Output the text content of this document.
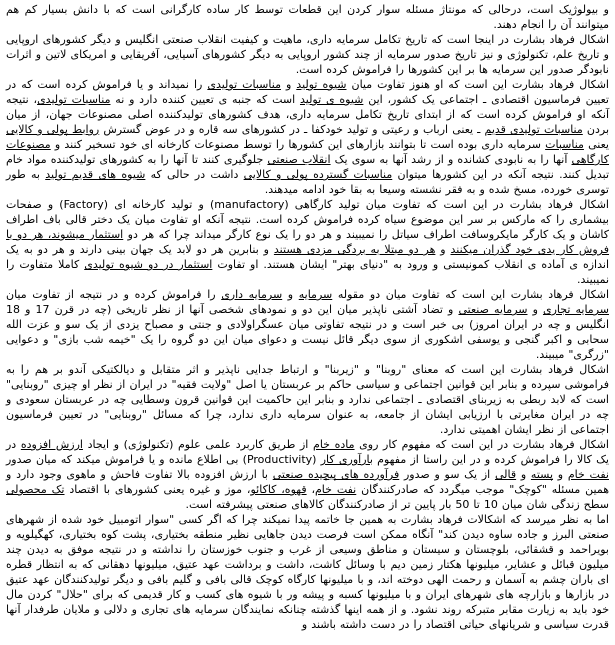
و بیولوژیک است، درحالی که مونتاژ مسئله سوار کردن این قطعات توسط کار ساده کارگرانی است که با دانش بسیار کم هم میتوانند آن را انجام دهند.

اشکال فرهاد بشارت در اینجا است که تاریخ تکامل سرمایه داری، ماهیت و کیفیت انقلاب صنعتی انگلیس و دیگر کشورهای اروپایی و تاریخ علم، تکنولوژی و نیز تاریخ صدور سرمایه از چند کشور اروپایی به دیگر کشورهای آسیایی، آفریقایی و امریکای لاتین و اثرات نابودگر صدور این سرمایه ها بر این کشورها را فراموش کرده است.

اشکال فرهاد بشارت این است که او هنوز تفاوت میان شیوه تولید و مناسبات تولیدی را نمیداند و یا فراموش کرده است که در تعیین فرماسیون اقتصادی ـ اجتماعی یک کشور، این شیوه ی تولید است که جنبه ی تعیین کننده دارد و نه مناسبات تولیدی، نتیجه آنکه او فراموش کرده است که از ابتدای تاریخ تکامل سرمایه داری، هدف کشورهای تولیدکننده اصلی مصنوعات جهان، از میان بردن مناسبات تولیدی قدیم ـ یعنی ارباب و رعیتی و تولید خودکفا ـ در کشورهای سه قاره و در عوض گسترش روابط پولی و کالایی یعنی مناسبات سرمایه داری بوده است تا بتوانند بازارهای این کشورها را توسط مصنوعات کارخانه ای خود تسخیر کنند و مصنوعات کارگاهی آنها را به نابودی کشانده و از رشد آنها به سوی یک انقلاب صنعتی جلوگیری کنند تا آنها را به کشورهای تولیدکننده مواد خام تبدیل کنند. نتیجه آنکه در این کشورها میتوان مناسبات گسترده پولی و کالایی داشت در حالی که شیوه های قدیم تولید به طور توسری خورده، مسخ شده و به فقر نشسته وسیعا به بقا خود ادامه میدهند.

اشکال فرهاد بشارت در این است که تفاوت میان تولید کارگاهی (manufactory) و تولید کارخانه ای (Factory) و صفحات بیشماری را که مارکس بر سر این موضوع سیاه کرده فراموش کرده است. نتیجه آنکه او تفاوت میان یک دختر قالی باف اطراف کاشان و یک کارگر مایکروسافت اطراف سیاتل را نمیبیند و هر دو را یک نوع کارگر میداند چرا که هر دو استثمار میشوند، هر دو با فروش کار یدی خود گذران میکنند و هر دو مبتلا به بردگی مزدی هستند و بنابرین هر دو لابد یک جهان بینی دارند و هر دو به یک اندازه ی آماده ی انقلاب کمونیستی و ورود به "دنیای بهتر" ایشان هستند. او تفاوت استثمار در دو شیوه تولیدی کاملا متفاوت را نمیبیند.

اشکال فرهاد بشارت این است که تفاوت میان دو مقوله سرمایه و سرمایه داری را فراموش کرده و در نتیجه از تفاوت میان سرمایه تجاری و سرمایه صنعتی و تضاد آشتی ناپذیر میان این دو و نمودهای شخصی آنها از نظر تاریخی (چه در قرن 17 و 18 انگلیس و چه در ایران امروز) بی خبر است و در نتیجه تفاوتی میان عسگراولادی و جنتی و مصباح یزدی از یک سو و عزت الله سحابی و اکبر گنجی و یوسفی اشکوری از سوی دیگر قائل نیست و دعوای میان این دو گروه را یک "خیمه شب بازی" و دعوایی "زرگری" میبیند.

اشکال فرهاد بشارت این است که معنای "روبنا" و "زیربنا" و ارتباط جدایی ناپذیر و اثر متقابل و دیالکتیکی آندو بر هم را به فراموشی سپرده و بنابر این قوانین اجتماعی و سیاسی حاکم بر عربستان یا اصل "ولایت فقیه" در ایران از نظر او چیزی "روبنایی" است که لابد ربطی به زیربنای اقتصادی ـ اجتماعی ندارد و بنابر این حاکمیت این قوانین قرون وسطایی چه در عربستان سعودی و چه در ایران مغایرتی با ارزیابی ایشان از جامعه، به عنوان سرمایه داری ندارد، چرا که مسائل "روبنایی" در تعیین فرماسیون اجتماعی از نظر ایشان اهمیتی ندارد.

اشکال فرهاد بشارت در این است که مفهوم کار روی ماده خام از طریق کاربرد علمی علوم (تکنولوژی) و ایجاد ارزش افزوده در یک کالا را فراموش کرده و در این راستا از مفهوم بارآوری کار (Productivity) بی اطلاع مانده و یا فراموش میکند که میان صدور نفت خام و پسته و قالی از یک سو و صدور فرآورده های پیچیده صنعتی با ارزش افزوده بالا تفاوت فاحش و ماهوی وجود دارد و همین مسئله "کوچک" موجب میگردد که صادرکنندگان نفت خام، قهوه، کاکائو، موز و غیره یعنی کشورهای با اقتصاد تک محصولی سطح زندگی شان میان 10 تا 50 بار پایین تر از صادرکنندگان کالاهای صنعتی پیشرفته است.

اما به نظر میرسد که اشکالات فرهاد بشارت به همین جا خاتمه پیدا نمیکند چرا که اگر کسی "سوار اتومبیل خود شده از شهرهای صنعتی البرز و جاده ساوه دیدن کند" آنگاه ممکن است فرصت دیدن جاهایی نظیر منطقه بختیاری، پشت کوه بختیاری، کهگیلویه و بویراحمد و قشقائی، بلوچستان و سیستان و مناطق وسیعی از غرب و جنوب خوزستان را نداشته و در نتیجه موفق به دیدن چند میلیون قبائل و عشایر، میلیونها هکتار زمین دیم با وسائل کاشت، داشت و برداشت عهد عتیق، میلیونها دهقانی که به انتظار قطره ای باران چشم به آسمان و رحمت الهی دوخته اند، و با میلیونها کارگاه کوچک قالی بافی و گلیم بافی و دیگر تولیدکنندگان عهد عتیق در بازارها و بازارچه های شهرهای ایران و با میلیونها کسبه و پیشه ور با شیوه های کسب و کار قدیمی که برای "حلال" کردن مال خود باید به زیارت مقابر متبرکه روند نشود. و از همه اینها گذشته چنانکه نمایندگان سرمایه های تجاری و دلالی و ملایان طرفدار آنها قدرت سیاسی و شریانهای حیاتی اقتصاد را در دست داشته باشند و
